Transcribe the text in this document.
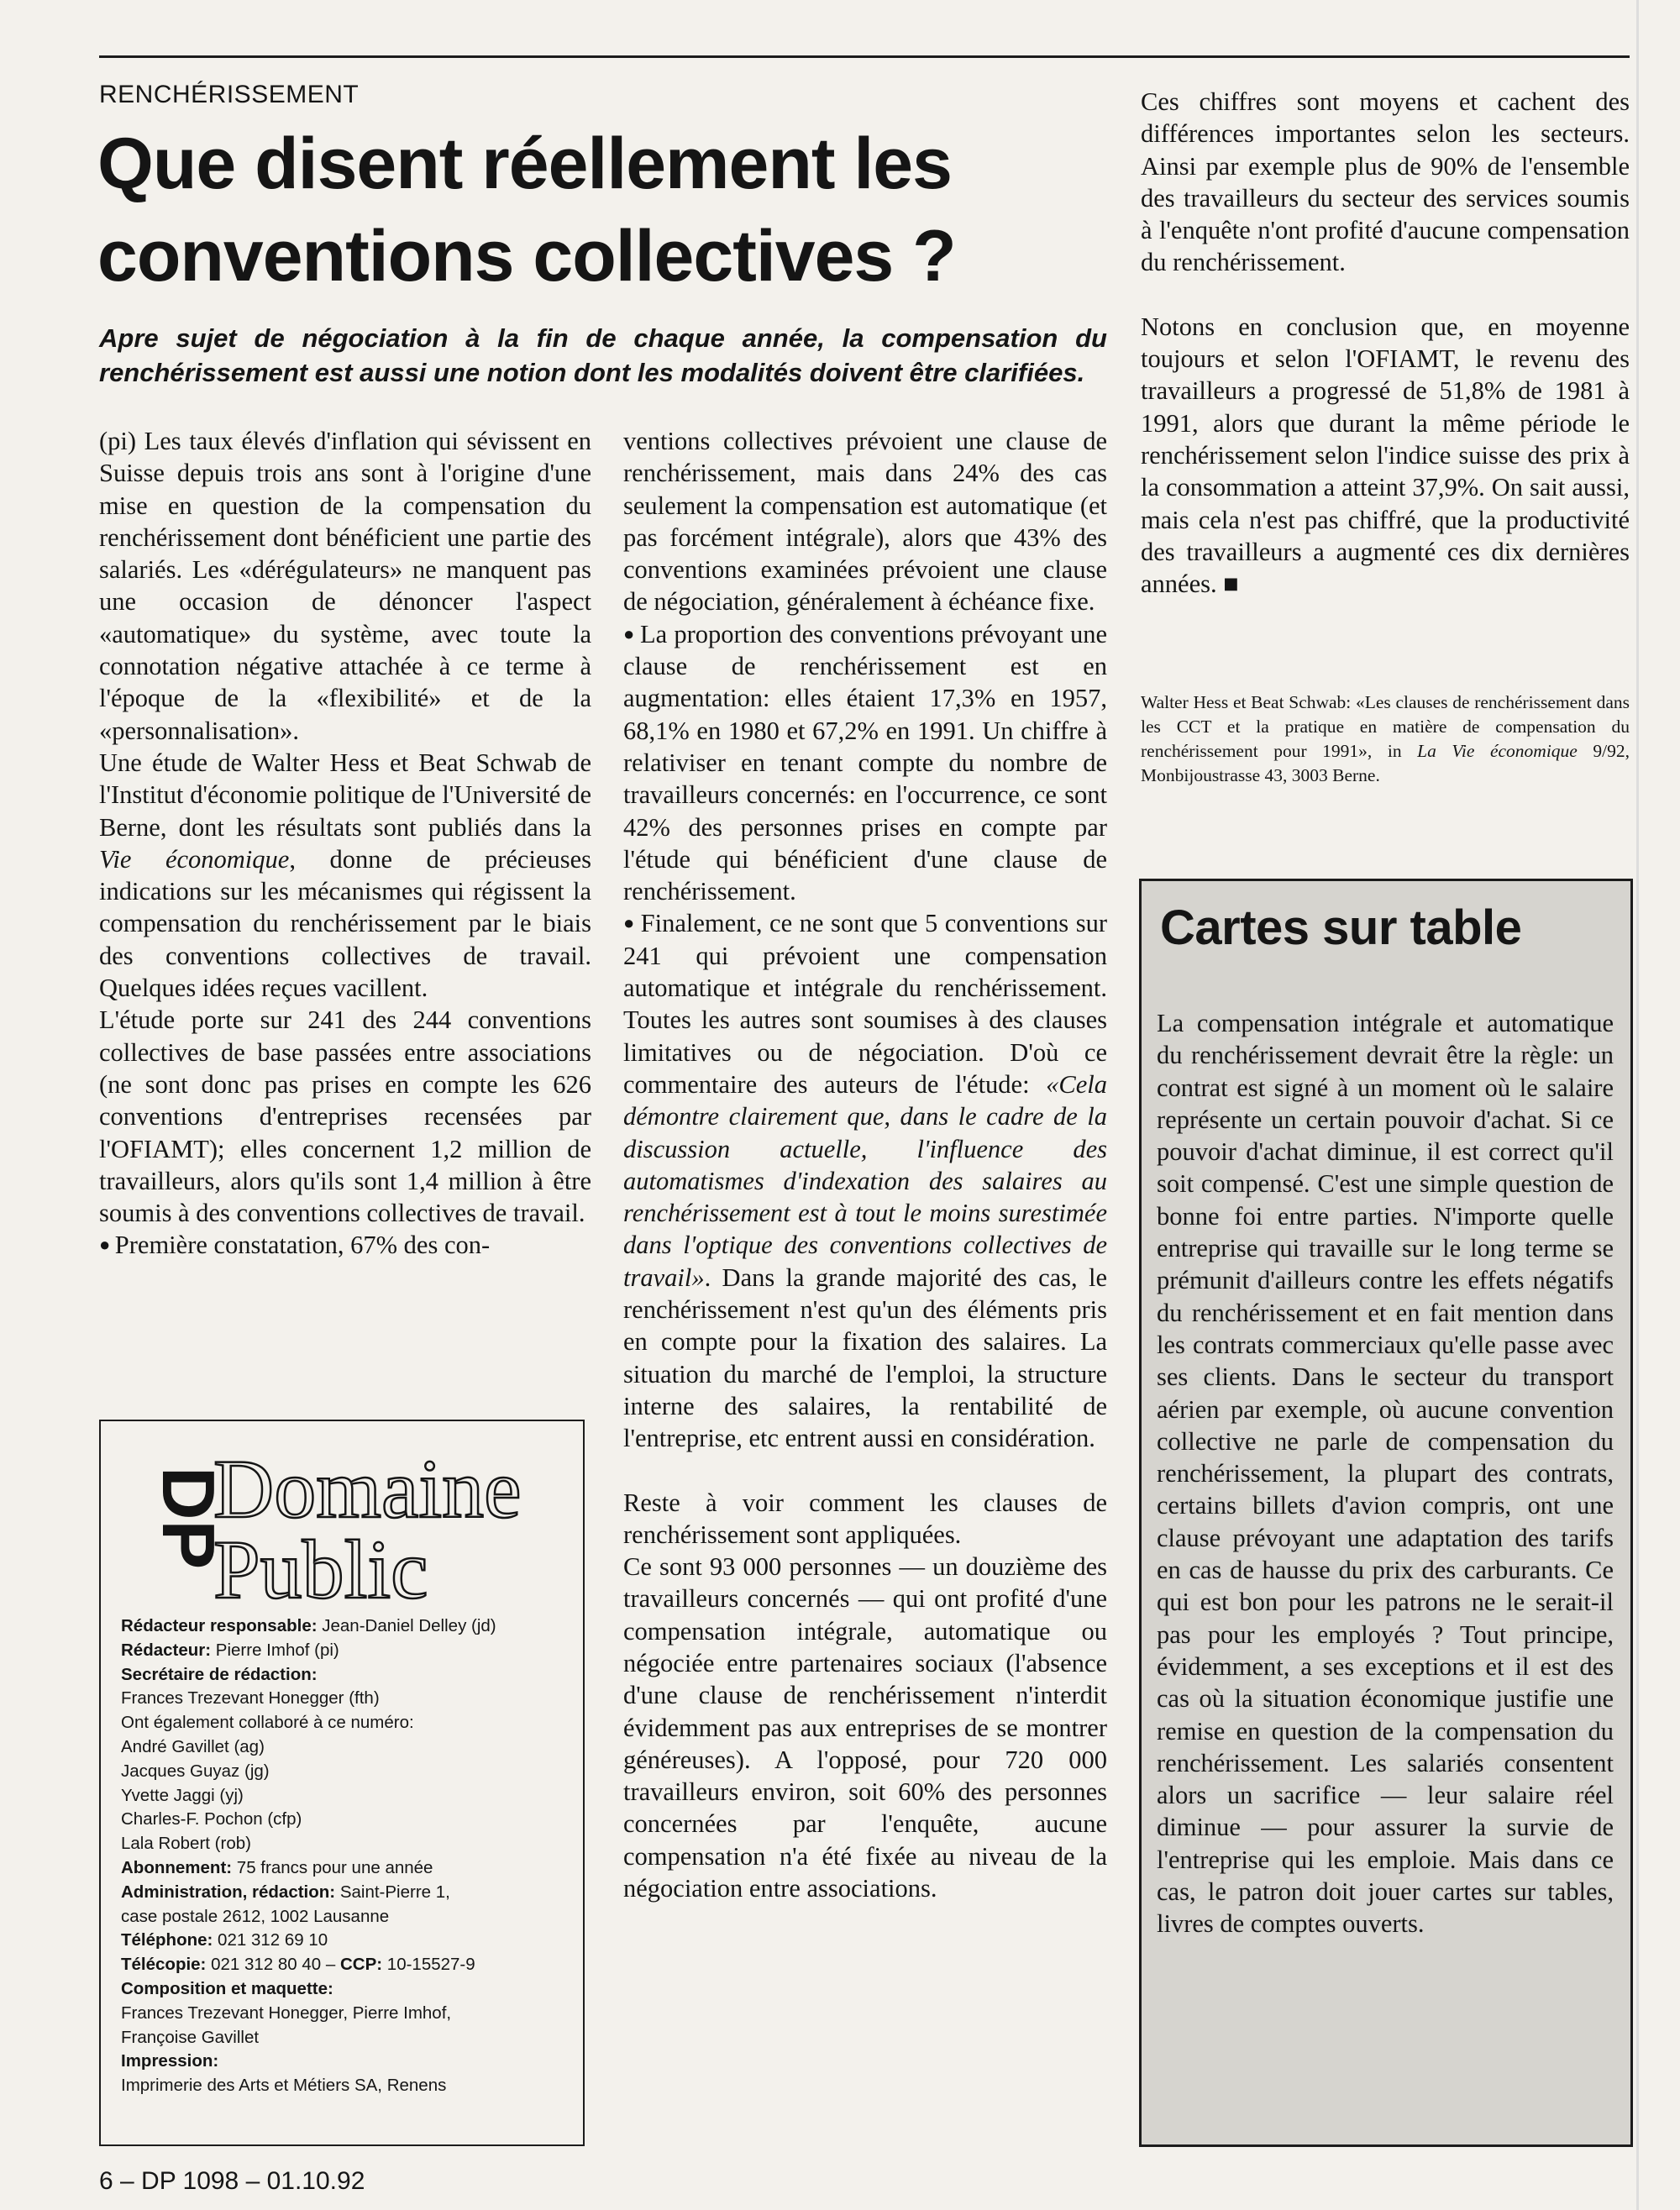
RENCHÉRISSEMENT
Que disent réellement les conventions collectives ?

Apre sujet de négociation à la fin de chaque année, la compensation du renchérissement est aussi une notion dont les modalités doivent être clarifiées.

(pi) Les taux élevés d'inflation qui sévissent en Suisse depuis trois ans sont à l'origine d'une mise en question de la compensation du renchérissement dont bénéficient une partie des salariés. Les «dérégulateurs» ne manquent pas une occasion de dénoncer l'aspect «automatique» du système, avec toute la connotation négative attachée à ce terme à l'époque de la «flexibilité» et de la «personnalisation».

Une étude de Walter Hess et Beat Schwab de l'Institut d'économie politique de l'Université de Berne, dont les résultats sont publiés dans la Vie économique, donne de précieuses indications sur les mécanismes qui régissent la compensation du renchérissement par le biais des conventions collectives de travail. Quelques idées reçues vacillent.

L'étude porte sur 241 des 244 conventions collectives de base passées entre associations (ne sont donc pas prises en compte les 626 conventions d'entreprises recensées par l'OFIAMT); elles concernent 1,2 million de travailleurs, alors qu'ils sont 1,4 million à être soumis à des conventions collectives de travail.

● Première constatation, 67% des con-

ventions collectives prévoient une clause de renchérissement, mais dans 24% des cas seulement la compensation est automatique (et pas forcément intégrale), alors que 43% des conventions examinées prévoient une clause de négociation, généralement à échéance fixe.

● La proportion des conventions prévoyant une clause de renchérissement est en augmentation: elles étaient 17,3% en 1957, 68,1% en 1980 et 67,2% en 1991. Un chiffre à relativiser en tenant compte du nombre de travailleurs concernés: en l'occurrence, ce sont 42% des personnes prises en compte par l'étude qui bénéficient d'une clause de renchérissement.

● Finalement, ce ne sont que 5 conventions sur 241 qui prévoient une compensation automatique et intégrale du renchérissement. Toutes les autres sont soumises à des clauses limitatives ou de négociation. D'où ce commentaire des auteurs de l'étude: «Cela démontre clairement que, dans le cadre de la discussion actuelle, l'influence des automatismes d'indexation des salaires au renchérissement est à tout le moins surestimée dans l'optique des conventions collectives de travail». Dans la grande majorité des cas, le renchérissement n'est qu'un des éléments pris en compte pour la fixation des salaires. La situation du marché de l'emploi, la structure interne des salaires, la rentabilité de l'entreprise, etc entrent aussi en considération.

Reste à voir comment les clauses de renchérissement sont appliquées.

Ce sont 93 000 personnes — un douzième des travailleurs concernés — qui ont profité d'une compensation intégrale, automatique ou négociée entre partenaires sociaux (l'absence d'une clause de renchérissement n'interdit évidemment pas aux entreprises de se montrer généreuses). A l'opposé, pour 720 000 travailleurs environ, soit 60% des personnes concernées par l'enquête, aucune compensation n'a été fixée au niveau de la négociation entre associations.

Ces chiffres sont moyens et cachent des différences importantes selon les secteurs. Ainsi par exemple plus de 90% de l'ensemble des travailleurs du secteur des services soumis à l'enquête n'ont profité d'aucune compensation du renchérissement.

Notons en conclusion que, en moyenne toujours et selon l'OFIAMT, le revenu des travailleurs a progressé de 51,8% de 1981 à 1991, alors que durant la même période le renchérissement selon l'indice suisse des prix à la consommation a atteint 37,9%. On sait aussi, mais cela n'est pas chiffré, que la productivité des travailleurs a augmenté ces dix dernières années. ■

Walter Hess et Beat Schwab: «Les clauses de renchérissement dans les CCT et la pratique en matière de compensation du renchérissement pour 1991», in La Vie économique 9/92, Monbijoustrasse 43, 3003 Berne.

DP
Domaine
Public
Rédacteur responsable: Jean-Daniel Delley (jd)
Rédacteur: Pierre Imhof (pi)
Secrétaire de rédaction:
Frances Trezevant Honegger (fth)
Ont également collaboré à ce numéro:
André Gavillet (ag)
Jacques Guyaz (jg)
Yvette Jaggi (yj)
Charles-F. Pochon (cfp)
Lala Robert (rob)
Abonnement: 75 francs pour une année
Administration, rédaction: Saint-Pierre 1,
case postale 2612, 1002 Lausanne
Téléphone: 021 312 69 10
Télécopie: 021 312 80 40 – CCP: 10-15527-9
Composition et maquette:
Frances Trezevant Honegger, Pierre Imhof,
Françoise Gavillet
Impression:
Imprimerie des Arts et Métiers SA, Renens
Cartes sur table

La compensation intégrale et automatique du renchérissement devrait être la règle: un contrat est signé à un moment où le salaire représente un certain pouvoir d'achat. Si ce pouvoir d'achat diminue, il est correct qu'il soit compensé. C'est une simple question de bonne foi entre parties. N'importe quelle entreprise qui travaille sur le long terme se prémunit d'ailleurs contre les effets négatifs du renchérissement et en fait mention dans les contrats commerciaux qu'elle passe avec ses clients. Dans le secteur du transport aérien par exemple, où aucune convention collective ne parle de compensation du renchérissement, la plupart des contrats, certains billets d'avion compris, ont une clause prévoyant une adaptation des tarifs en cas de hausse du prix des carburants. Ce qui est bon pour les patrons ne le serait-il pas pour les employés ? Tout principe, évidemment, a ses exceptions et il est des cas où la situation économique justifie une remise en question de la compensation du renchérissement. Les salariés consentent alors un sacrifice — leur salaire réel diminue — pour assurer la survie de l'entreprise qui les emploie. Mais dans ce cas, le patron doit jouer cartes sur tables, livres de comptes ouverts.

6 – DP 1098 – 01.10.92
